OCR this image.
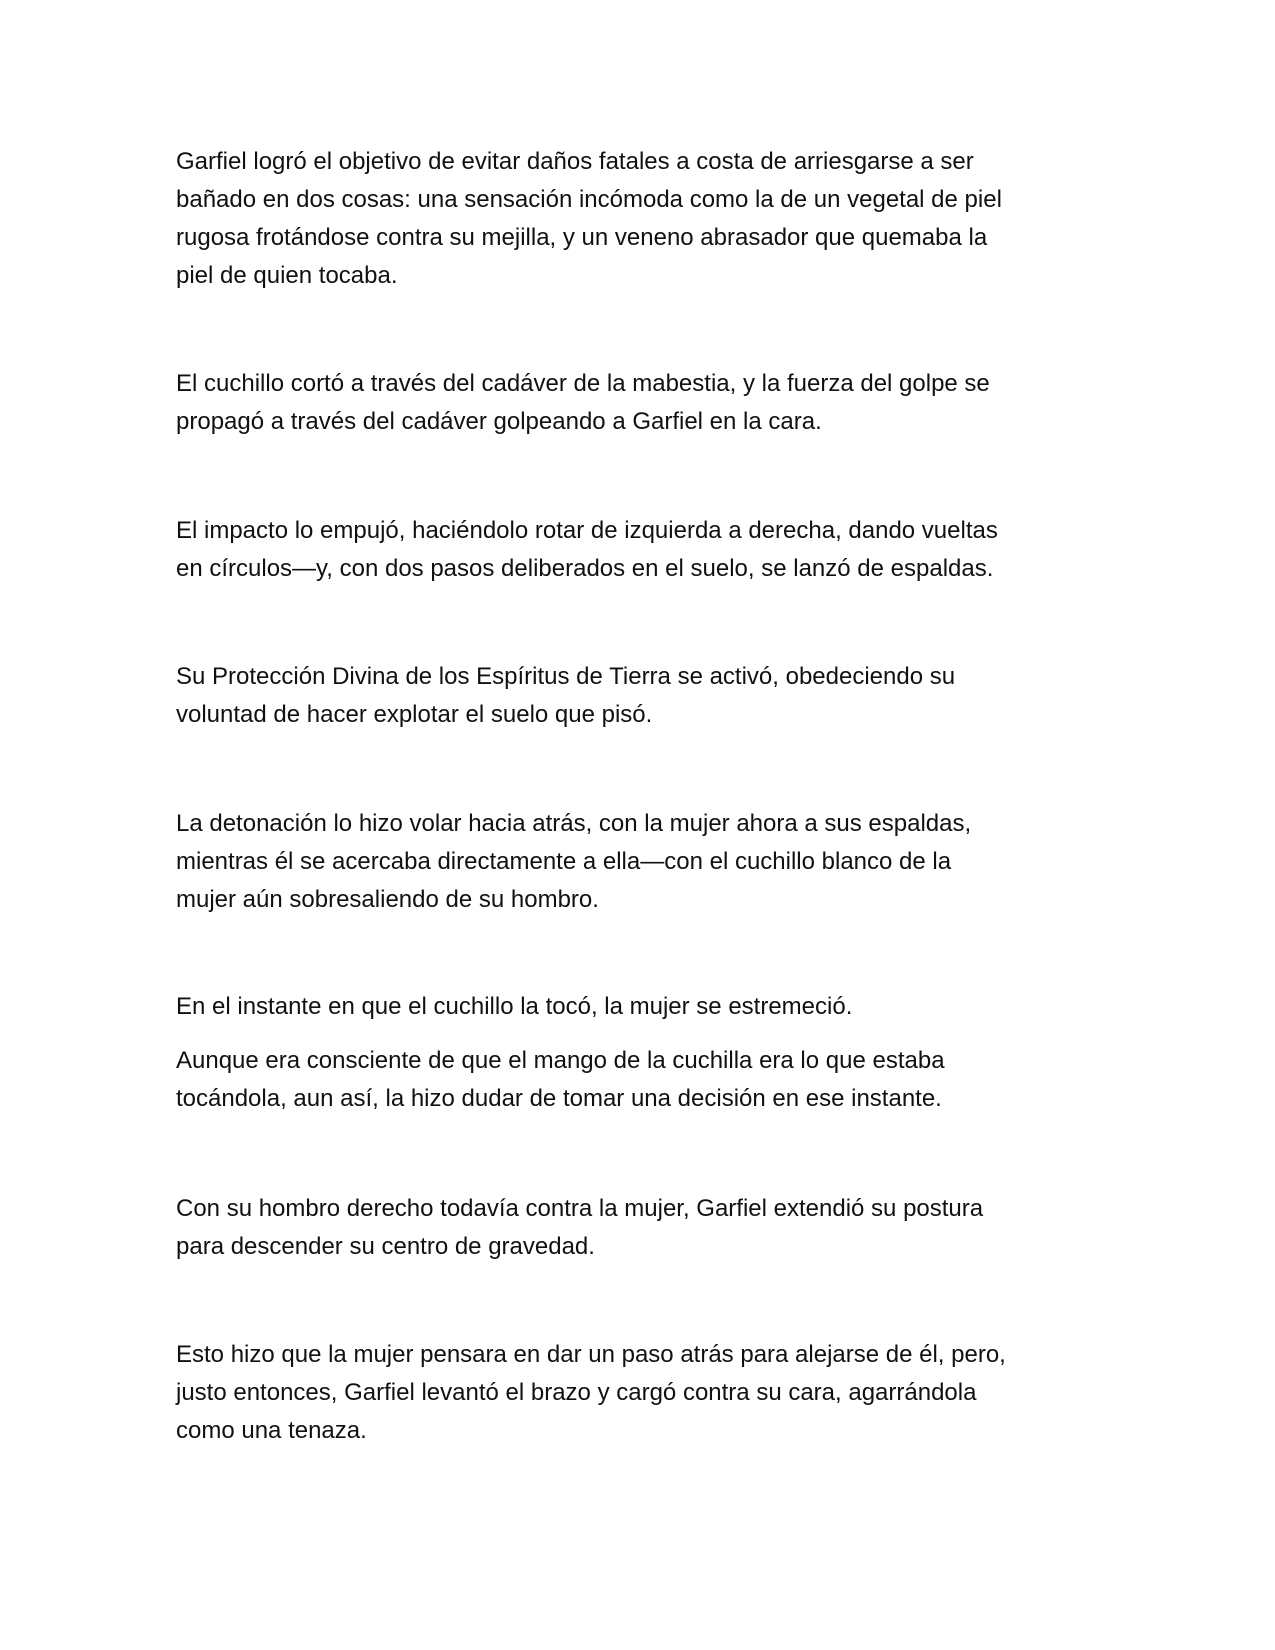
Garfiel logró el objetivo de evitar daños fatales a costa de arriesgarse a ser
bañado en dos cosas: una sensación incómoda como la de un vegetal de piel
rugosa frotándose contra su mejilla, y un veneno abrasador que quemaba la
piel de quien tocaba.

El cuchillo cortó a través del cadáver de la mabestia, y la fuerza del golpe se
propagó a través del cadáver golpeando a Garfiel en la cara.

El impacto lo empujó, haciéndolo rotar de izquierda a derecha, dando vueltas
en círculos—y, con dos pasos deliberados en el suelo, se lanzó de espaldas.

Su Protección Divina de los Espíritus de Tierra se activó, obedeciendo su
voluntad de hacer explotar el suelo que pisó.

La detonación lo hizo volar hacia atrás, con la mujer ahora a sus espaldas,
mientras él se acercaba directamente a ella—con el cuchillo blanco de la
mujer aún sobresaliendo de su hombro.

En el instante en que el cuchillo la tocó, la mujer se estremeció.

Aunque era consciente de que el mango de la cuchilla era lo que estaba
tocándola, aun así, la hizo dudar de tomar una decisión en ese instante.

Con su hombro derecho todavía contra la mujer, Garfiel extendió su postura
para descender su centro de gravedad.

Esto hizo que la mujer pensara en dar un paso atrás para alejarse de él, pero,
justo entonces, Garfiel levantó el brazo y cargó contra su cara, agarrándola
como una tenaza.
